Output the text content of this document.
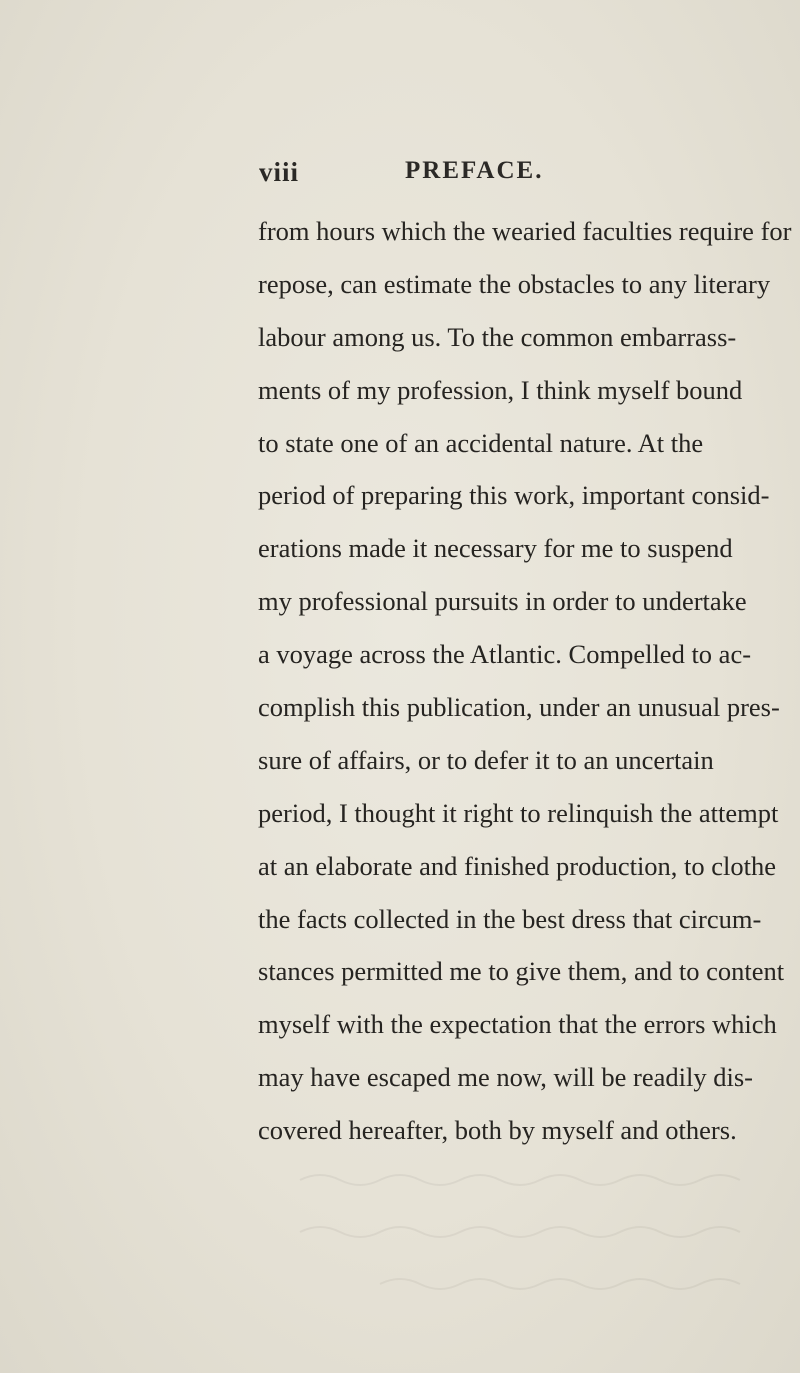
viii	PREFACE.
from hours which the wearied faculties require for
repose, can estimate the obstacles to any literary
labour among us. To the common embarrass-
ments of my profession, I think myself bound
to state one of an accidental nature. At the
period of preparing this work, important consid-
erations made it necessary for me to suspend
my professional pursuits in order to undertake
a voyage across the Atlantic. Compelled to ac-
complish this publication, under an unusual pres-
sure of affairs, or to defer it to an uncertain
period, I thought it right to relinquish the attempt
at an elaborate and finished production, to clothe
the facts collected in the best dress that circum-
stances permitted me to give them, and to content
myself with the expectation that the errors which
may have escaped me now, will be readily dis-
covered hereafter, both by myself and others.
